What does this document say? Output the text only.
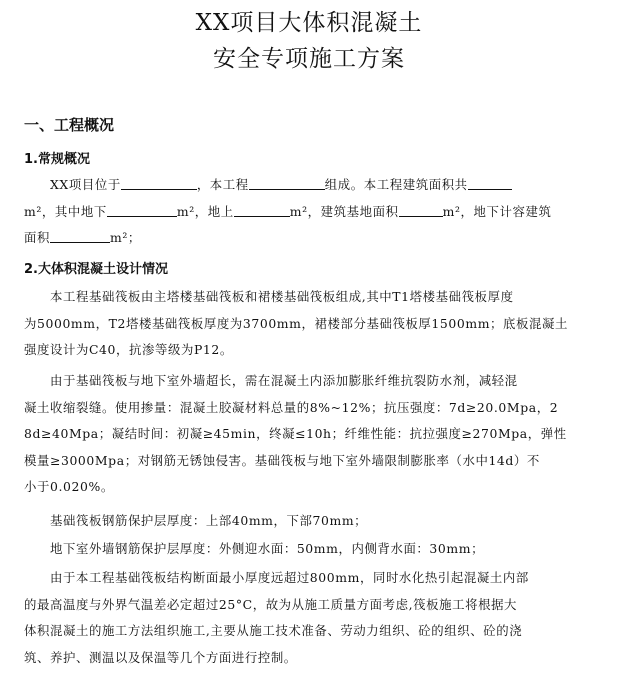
XX项目大体积混凝土
安全专项施工方案
一、工程概况
1.常规概况
XX项目位于	，本工程	组成。本工程建筑面积共
m²，其中地下	m²，地上	m²，建筑基地面积	m²，地下计容建筑
面积	m²；
2.大体积混凝土设计情况
本工程基础筏板由主塔楼基础筏板和裙楼基础筏板组成,其中T1塔楼基础筏板厚度
为5000mm，T2塔楼基础筏板厚度为3700mm，裙楼部分基础筏板厚1500mm；底板混凝土
强度设计为C40，抗渗等级为P12。
由于基础筏板与地下室外墙超长，需在混凝土内添加膨胀纤维抗裂防水剂，减轻混
凝土收缩裂缝。使用掺量：混凝土胶凝材料总量的8%~12%；抗压强度：7d≥20.0Mpa，2
8d≥40Mpa；凝结时间：初凝≥45min，终凝≤10h；纤维性能：抗拉强度≥270Mpa，弹性
模量≥3000Mpa；对钢筋无锈蚀侵害。基础筏板与地下室外墙限制膨胀率（水中14d）不
小于0.020%。
基础筏板钢筋保护层厚度：上部40mm，下部70mm；
地下室外墙钢筋保护层厚度：外侧迎水面：50mm，内侧背水面：30mm；
由于本工程基础筏板结构断面最小厚度远超过800mm，同时水化热引起混凝土内部
的最高温度与外界气温差必定超过25°C，故为从施工质量方面考虑,筏板施工将根据大
体积混凝土的施工方法组织施工,主要从施工技术准备、劳动力组织、砼的组织、砼的浇
筑、养护、测温以及保温等几个方面进行控制。
